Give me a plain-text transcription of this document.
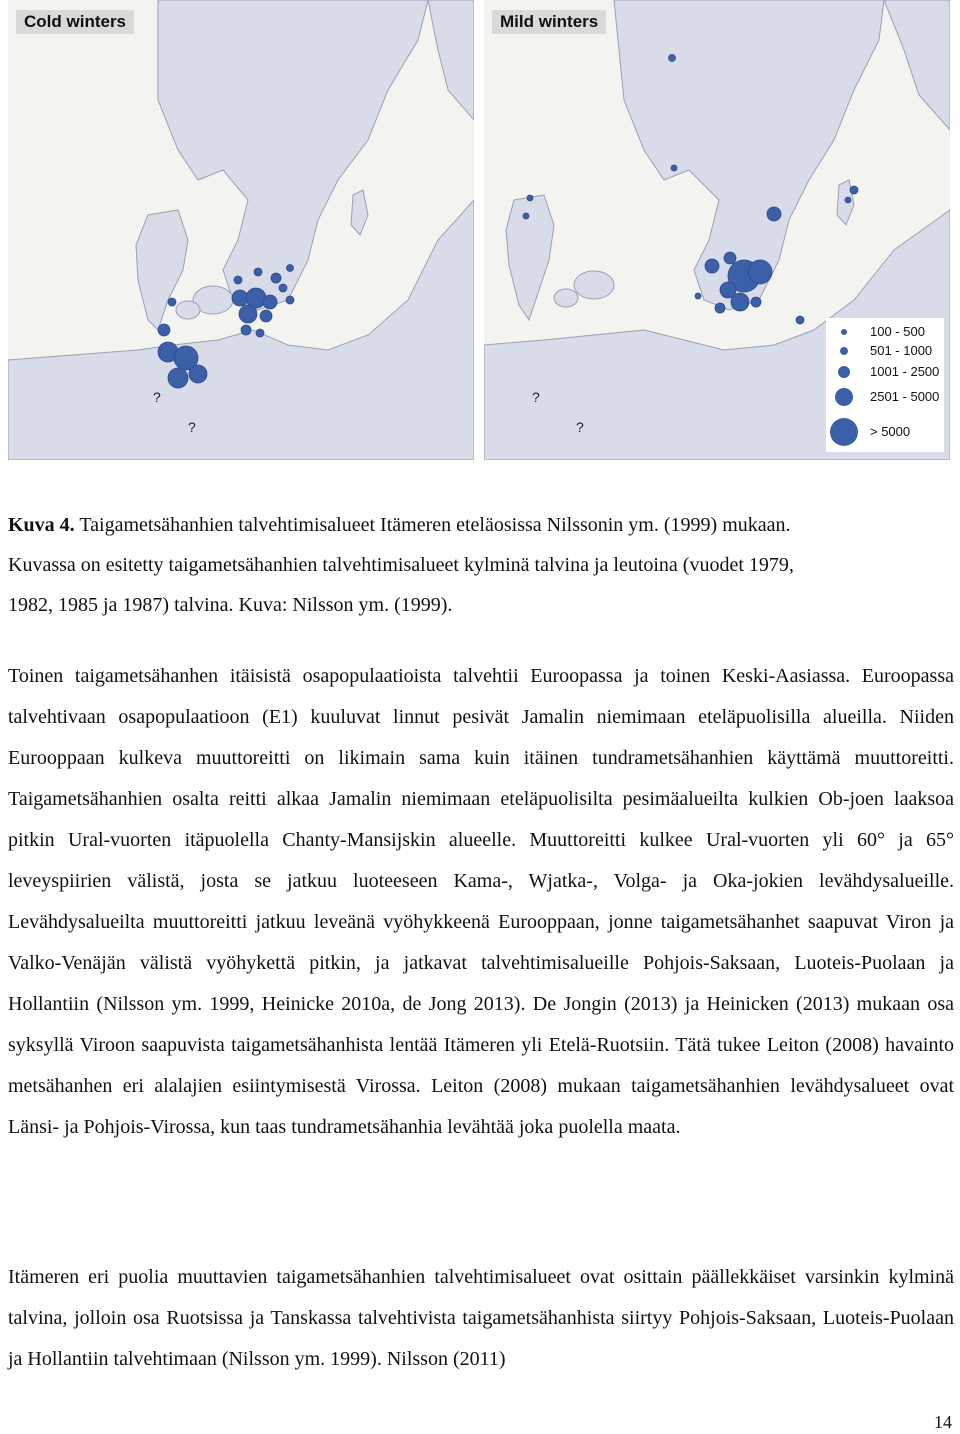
?
?
Cold winters
?
?
Mild winters
100 - 500
501 - 1000
1001 - 2500
2501 - 5000
> 5000
Kuva 4. Taigametsähanhien talvehtimisalueet Itämeren eteläosissa Nilssonin ym. (1999) mukaan.
Kuvassa on esitetty taigametsähanhien talvehtimisalueet kylminä talvina ja leutoina (vuodet 1979,
1982, 1985 ja 1987) talvina. Kuva: Nilsson ym. (1999).
Toinen taigametsähanhen itäisistä osapopulaatioista talvehtii Euroopassa ja toinen Keski-Aasiassa. Euroopassa talvehtivaan osapopulaatioon (E1) kuuluvat linnut pesivät Jamalin niemimaan eteläpuolisilla alueilla. Niiden Eurooppaan kulkeva muuttoreitti on likimain sama kuin itäinen tundrametsähanhien käyttämä muuttoreitti. Taigametsähanhien osalta reitti alkaa Jamalin niemimaan eteläpuolisilta pesimäalueilta kulkien Ob-joen laaksoa pitkin Ural-vuorten itäpuolella Chanty-Mansijskin alueelle. Muuttoreitti kulkee Ural-vuorten yli 60° ja 65° leveyspiirien välistä, josta se jatkuu luoteeseen Kama-, Wjatka-, Volga- ja Oka-jokien levähdysalueille. Levähdysalueilta muuttoreitti jatkuu leveänä vyöhykkeenä Eurooppaan, jonne taigametsähanhet saapuvat Viron ja Valko-Venäjän välistä vyöhykettä pitkin, ja jatkavat talvehtimisalueille Pohjois-Saksaan, Luoteis-Puolaan ja Hollantiin (Nilsson ym. 1999, Heinicke 2010a, de Jong 2013). De Jongin (2013) ja Heinicken (2013) mukaan osa syksyllä Viroon saapuvista taigametsähanhista lentää Itämeren yli Etelä-Ruotsiin. Tätä tukee Leiton (2008) havainto metsähanhen eri alalajien esiintymisestä Virossa. Leiton (2008) mukaan taigametsähanhien levähdysalueet ovat Länsi- ja Pohjois-Virossa, kun taas tundrametsähanhia levähtää joka puolella maata.
Itämeren eri puolia muuttavien taigametsähanhien talvehtimisalueet ovat osittain päällekkäiset varsinkin kylminä talvina, jolloin osa Ruotsissa ja Tanskassa talvehtivista taigametsähanhista siirtyy Pohjois-Saksaan, Luoteis-Puolaan ja Hollantiin talvehtimaan (Nilsson ym. 1999). Nilsson (2011)
14
